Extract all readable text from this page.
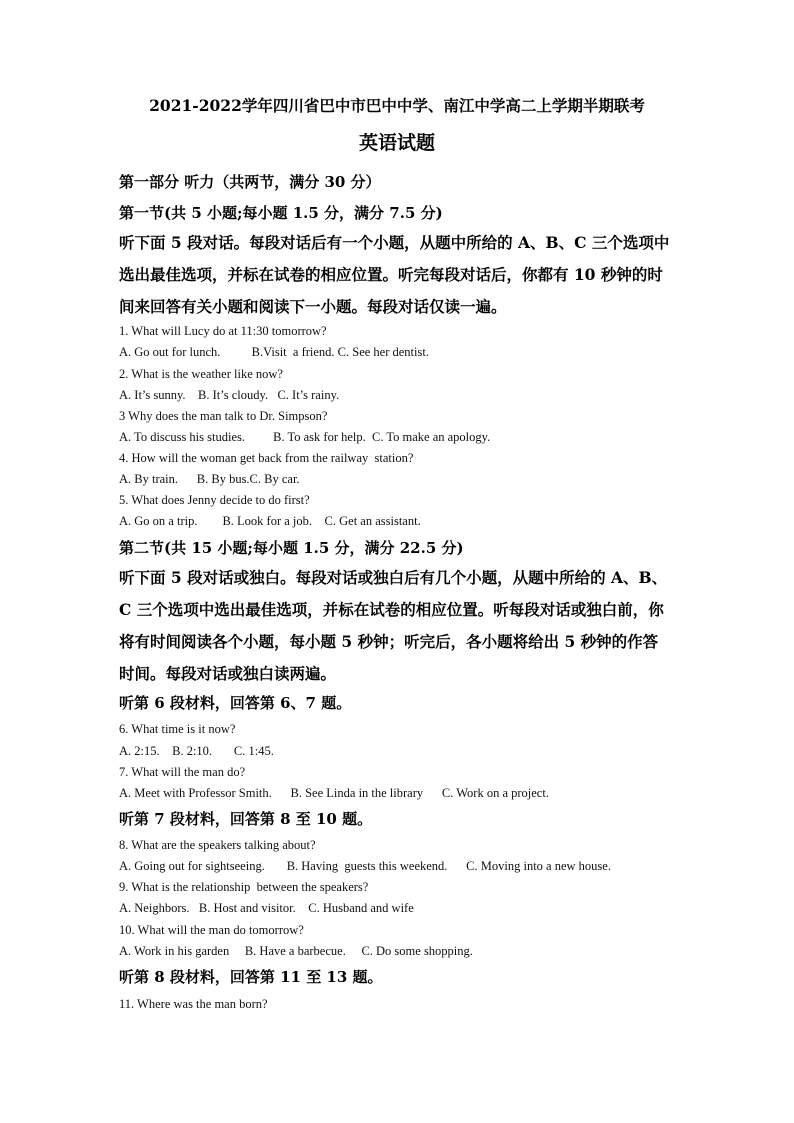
2021-2022学年四川省巴中市巴中中学、南江中学高二上学期半期联考
英语试题
第一部分 听力（共两节，满分 30 分）
第一节(共 5 小题;每小题 1.5 分，满分 7.5 分)
听下面 5 段对话。每段对话后有一个小题，从题中所给的 A、B、C 三个选项中
选出最佳选项，并标在试卷的相应位置。听完每段对话后，你都有 10 秒钟的时
间来回答有关小题和阅读下一小题。每段对话仅读一遍。
1. What will Lucy do at 11:30 tomorrow?
A. Go out for lunch.          B.Visit  a friend. C. See her dentist.
2. What is the weather like now?
A. It’s sunny.    B. It’s cloudy.   C. It’s rainy.
3 Why does the man talk to Dr. Simpson?
A. To discuss his studies.         B. To ask for help.  C. To make an apology.
4. How will the woman get back from the railway  station?
A. By train.      B. By bus.C. By car.
5. What does Jenny decide to do first?
A. Go on a trip.        B. Look for a job.    C. Get an assistant.
第二节(共 15 小题;每小题 1.5 分，满分 22.5 分)
听下面 5 段对话或独白。每段对话或独白后有几个小题，从题中所给的 A、B、
C 三个选项中选出最佳选项，并标在试卷的相应位置。听每段对话或独白前，你
将有时间阅读各个小题，每小题 5 秒钟；听完后，各小题将给出 5 秒钟的作答
时间。每段对话或独白读两遍。
听第 6 段材料，回答第 6、7 题。
6. What time is it now?
A. 2:15.    B. 2:10.       C. 1:45.
7. What will the man do?
A. Meet with Professor Smith.      B. See Linda in the library      C. Work on a project.
听第 7 段材料，回答第 8 至 10 题。
8. What are the speakers talking about?
A. Going out for sightseeing.       B. Having  guests this weekend.      C. Moving into a new house.
9. What is the relationship  between the speakers?
A. Neighbors.   B. Host and visitor.    C. Husband and wife
10. What will the man do tomorrow?
A. Work in his garden     B. Have a barbecue.     C. Do some shopping.
听第 8 段材料，回答第 11 至 13 题。
11. Where was the man born?
